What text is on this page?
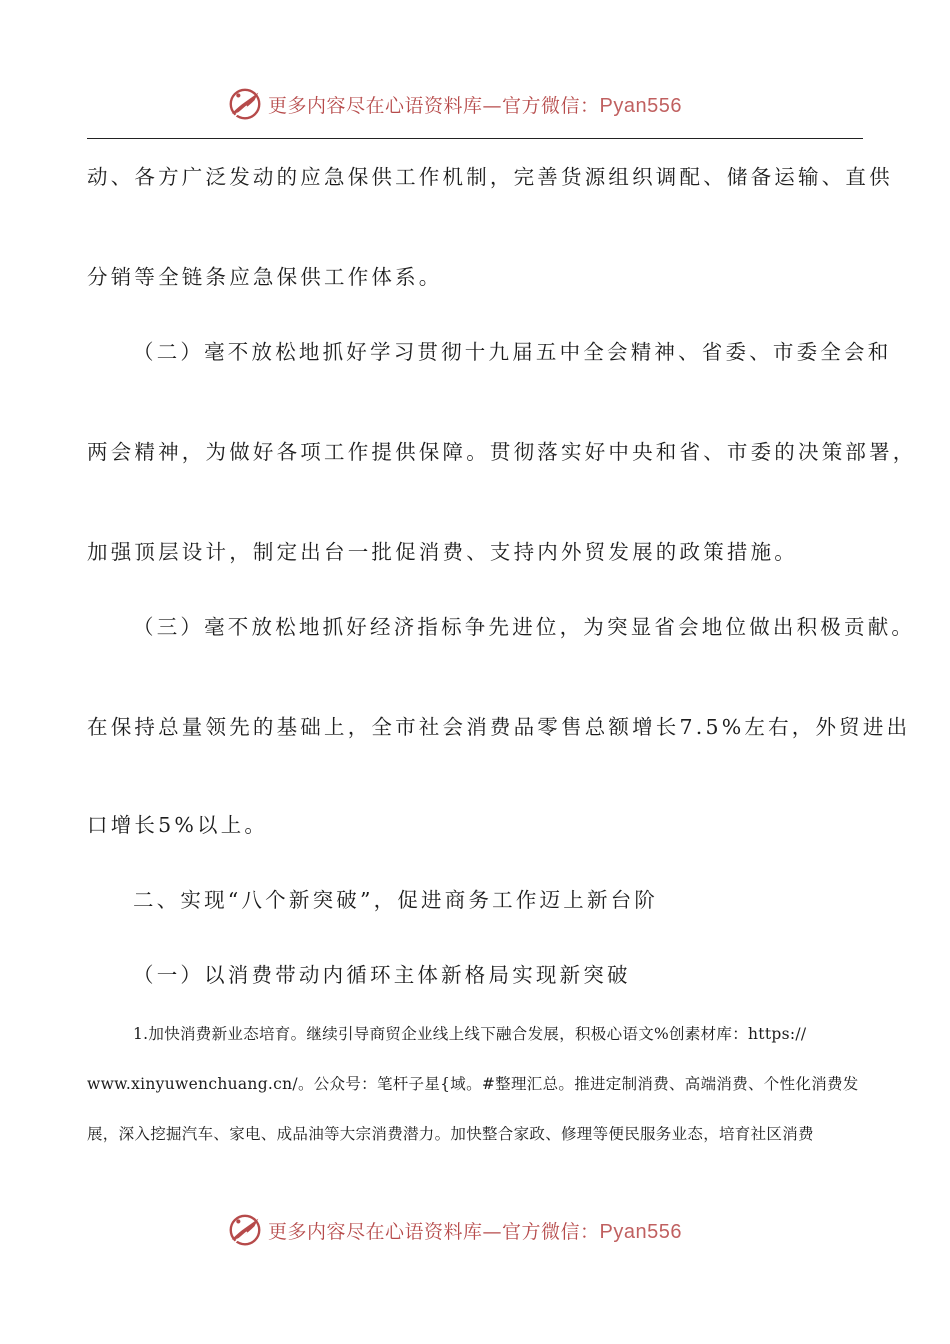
更多内容尽在心语资料库—官方微信：Pyan556
动、各方广泛发动的应急保供工作机制，完善货源组织调配、储备运输、直供
分销等全链条应急保供工作体系。
（二）毫不放松地抓好学习贯彻十九届五中全会精神、省委、市委全会和
两会精神，为做好各项工作提供保障。贯彻落实好中央和省、市委的决策部署，
加强顶层设计，制定出台一批促消费、支持内外贸发展的政策措施。
（三）毫不放松地抓好经济指标争先进位，为突显省会地位做出积极贡献。
在保持总量领先的基础上，全市社会消费品零售总额增长7.5%左右，外贸进出
口增长5%以上。
二、实现“八个新突破”，促进商务工作迈上新台阶
（一）以消费带动内循环主体新格局实现新突破
1.加快消费新业态培育。继续引导商贸企业线上线下融合发展，积极心语文%创素材库：https://
www.xinyuwenchuang.cn/。公众号：笔杆子星{域。#整理汇总。推进定制消费、高端消费、个性化消费发
展，深入挖掘汽车、家电、成品油等大宗消费潜力。加快整合家政、修理等便民服务业态，培育社区消费
更多内容尽在心语资料库—官方微信：Pyan556
